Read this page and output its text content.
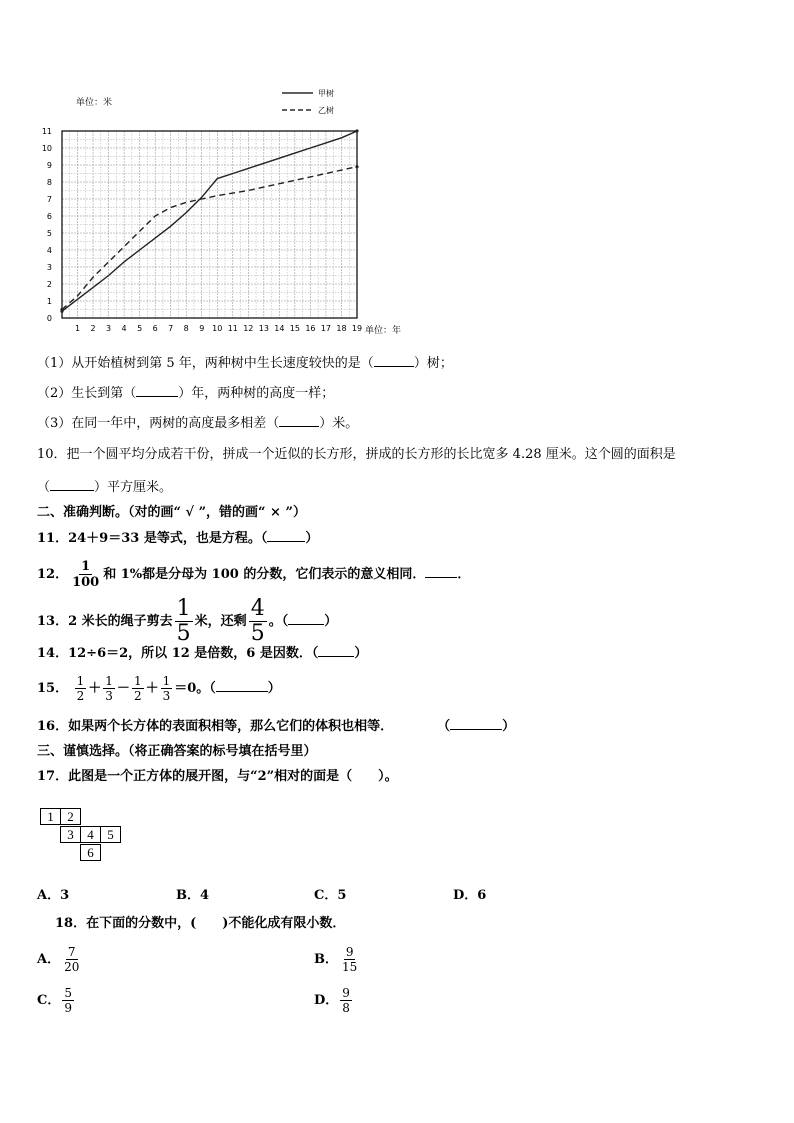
0
1
2
3
4
5
6
7
8
9
10
11
1 2 3 4 5 6 7 8 9 10 11 12 13 14 15 16 17 18 19
单位：米
单位：年
甲树
乙树
（1）从开始植树到第 5 年，两种树中生长速度较快的是（	）树；
（2）生长到第（	）年，两种树的高度一样；
（3）在同一年中，两树的高度最多相差（	）米。
10．把一个圆平均分成若干份，拼成一个近似的长方形，拼成的长方形的长比宽多 4.28 厘米。这个圆的面积是
（	）平方厘米。
二、准确判断。（对的画“ √ ”，错的画“ × ”）
11．24＋9＝33 是等式，也是方程。（	）
12． $\frac{1}{100}$ 和 1%都是分母为 100 的分数，它们表示的意义相同． ．
13．2 米长的绳子剪去 $\frac{1}{5}$ 米，还剩 $\frac{4}{5}$ 。（	）
14．12÷6＝2，所以 12 是倍数，6 是因数．（	）
15． $\frac{1}{2} + \frac{1}{3} - \frac{1}{2} + \frac{1}{3} =0$。（	）
16．如果两个长方体的表面积相等，那么它们的体积也相等．	（	）
三、谨慎选择。（将正确答案的标号填在括号里）
17．此图是一个正方体的展开图，与“2”相对的面是（　　）。
1	2
3	4	5
6
A．3	B．4	C．5	D．6
18．在下面的分数中，(　　)不能化成有限小数．
A． $\frac{7}{20}$	B． $\frac{9}{15}$
C． $\frac{5}{9}$	D． $\frac{9}{8}$
